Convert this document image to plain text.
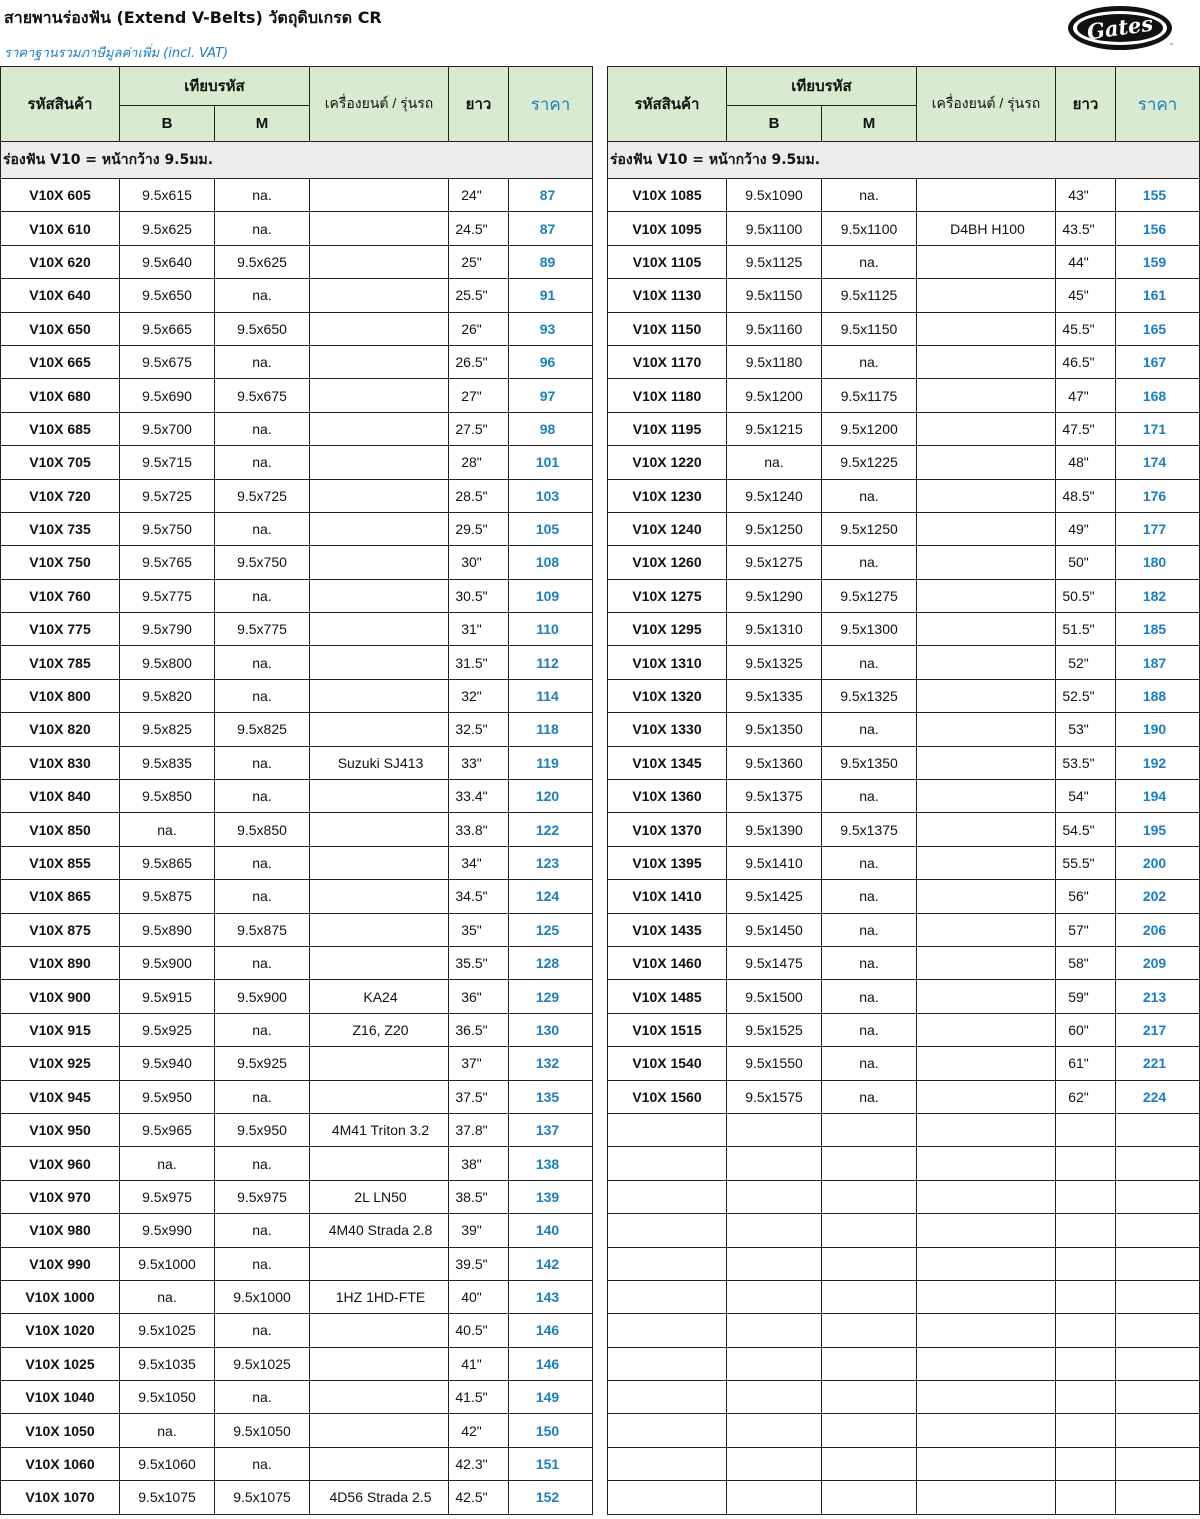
สายพานร่องฟัน (Extend V-Belts) วัตถุดิบเกรด CR
ราคาฐานรวมภาษีมูลค่าเพิ่ม (incl. VAT)
Gates
™
รหัสสินค้า	เทียบรหัส		เครื่องยนต์ / รุ่นรถ	ยาว	ราคา
	B	M			
ร่องฟัน V10 = หน้ากว้าง 9.5มม.					
V10X 605	9.5x615	na.		24"	87
V10X 610	9.5x625	na.		24.5"	87
V10X 620	9.5x640	9.5x625		25"	89
V10X 640	9.5x650	na.		25.5"	91
V10X 650	9.5x665	9.5x650		26"	93
V10X 665	9.5x675	na.		26.5"	96
V10X 680	9.5x690	9.5x675		27"	97
V10X 685	9.5x700	na.		27.5"	98
V10X 705	9.5x715	na.		28"	101
V10X 720	9.5x725	9.5x725		28.5"	103
V10X 735	9.5x750	na.		29.5"	105
V10X 750	9.5x765	9.5x750		30"	108
V10X 760	9.5x775	na.		30.5"	109
V10X 775	9.5x790	9.5x775		31"	110
V10X 785	9.5x800	na.		31.5"	112
V10X 800	9.5x820	na.		32"	114
V10X 820	9.5x825	9.5x825		32.5"	118
V10X 830	9.5x835	na.	Suzuki SJ413	33"	119
V10X 840	9.5x850	na.		33.4"	120
V10X 850	na.	9.5x850		33.8"	122
V10X 855	9.5x865	na.		34"	123
V10X 865	9.5x875	na.		34.5"	124
V10X 875	9.5x890	9.5x875		35"	125
V10X 890	9.5x900	na.		35.5"	128
V10X 900	9.5x915	9.5x900	KA24	36"	129
V10X 915	9.5x925	na.	Z16, Z20	36.5"	130
V10X 925	9.5x940	9.5x925		37"	132
V10X 945	9.5x950	na.		37.5"	135
V10X 950	9.5x965	9.5x950	4M41 Triton 3.2	37.8"	137
V10X 960	na.	na.		38"	138
V10X 970	9.5x975	9.5x975	2L LN50	38.5"	139
V10X 980	9.5x990	na.	4M40 Strada 2.8	39"	140
V10X 990	9.5x1000	na.		39.5"	142
V10X 1000	na.	9.5x1000	1HZ 1HD-FTE	40"	143
V10X 1020	9.5x1025	na.		40.5"	146
V10X 1025	9.5x1035	9.5x1025		41"	146
V10X 1040	9.5x1050	na.		41.5"	149
V10X 1050	na.	9.5x1050		42"	150
V10X 1060	9.5x1060	na.		42.3"	151
V10X 1070	9.5x1075	9.5x1075	4D56 Strada 2.5	42.5"	152
รหัสสินค้า	เทียบรหัส		เครื่องยนต์ / รุ่นรถ	ยาว	ราคา
	B	M			
ร่องฟัน V10 = หน้ากว้าง 9.5มม.					
V10X 1085	9.5x1090	na.		43"	155
V10X 1095	9.5x1100	9.5x1100	D4BH H100	43.5"	156
V10X 1105	9.5x1125	na.		44"	159
V10X 1130	9.5x1150	9.5x1125		45"	161
V10X 1150	9.5x1160	9.5x1150		45.5"	165
V10X 1170	9.5x1180	na.		46.5"	167
V10X 1180	9.5x1200	9.5x1175		47"	168
V10X 1195	9.5x1215	9.5x1200		47.5"	171
V10X 1220	na.	9.5x1225		48"	174
V10X 1230	9.5x1240	na.		48.5"	176
V10X 1240	9.5x1250	9.5x1250		49"	177
V10X 1260	9.5x1275	na.		50"	180
V10X 1275	9.5x1290	9.5x1275		50.5"	182
V10X 1295	9.5x1310	9.5x1300		51.5"	185
V10X 1310	9.5x1325	na.		52"	187
V10X 1320	9.5x1335	9.5x1325		52.5"	188
V10X 1330	9.5x1350	na.		53"	190
V10X 1345	9.5x1360	9.5x1350		53.5"	192
V10X 1360	9.5x1375	na.		54"	194
V10X 1370	9.5x1390	9.5x1375		54.5"	195
V10X 1395	9.5x1410	na.		55.5"	200
V10X 1410	9.5x1425	na.		56"	202
V10X 1435	9.5x1450	na.		57"	206
V10X 1460	9.5x1475	na.		58"	209
V10X 1485	9.5x1500	na.		59"	213
V10X 1515	9.5x1525	na.		60"	217
V10X 1540	9.5x1550	na.		61"	221
V10X 1560	9.5x1575	na.		62"	224
